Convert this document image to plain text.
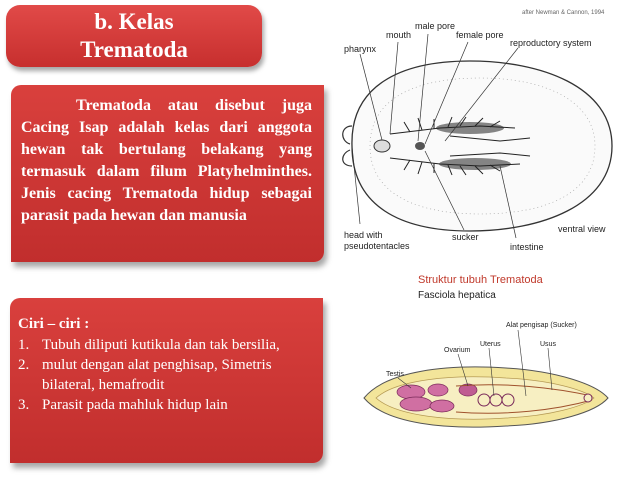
b. Kelas
Trematoda

Trematoda atau disebut juga Cacing Isap adalah kelas dari anggota hewan tak bertulang belakang yang termasuk dalam filum Platyhelminthes. Jenis cacing Trematoda hidup sebagai parasit pada hewan dan manusia

Ciri – ciri :
1. Tubuh diliputi kutikula dan tak bersilia,
2. mulut dengan alat penghisap, Simetris bilateral, hemafrodit
3. Parasit pada mahluk hidup lain
after Newman & Cannon, 1994
pharynx
mouth
male pore
female pore
reproductory system
head with
pseudotentacles
sucker
intestine
ventral view
Struktur tubuh Trematoda
Fasciola hepatica
Testis
Ovarium
Uterus
Alat pengisap (Sucker)
Usus
